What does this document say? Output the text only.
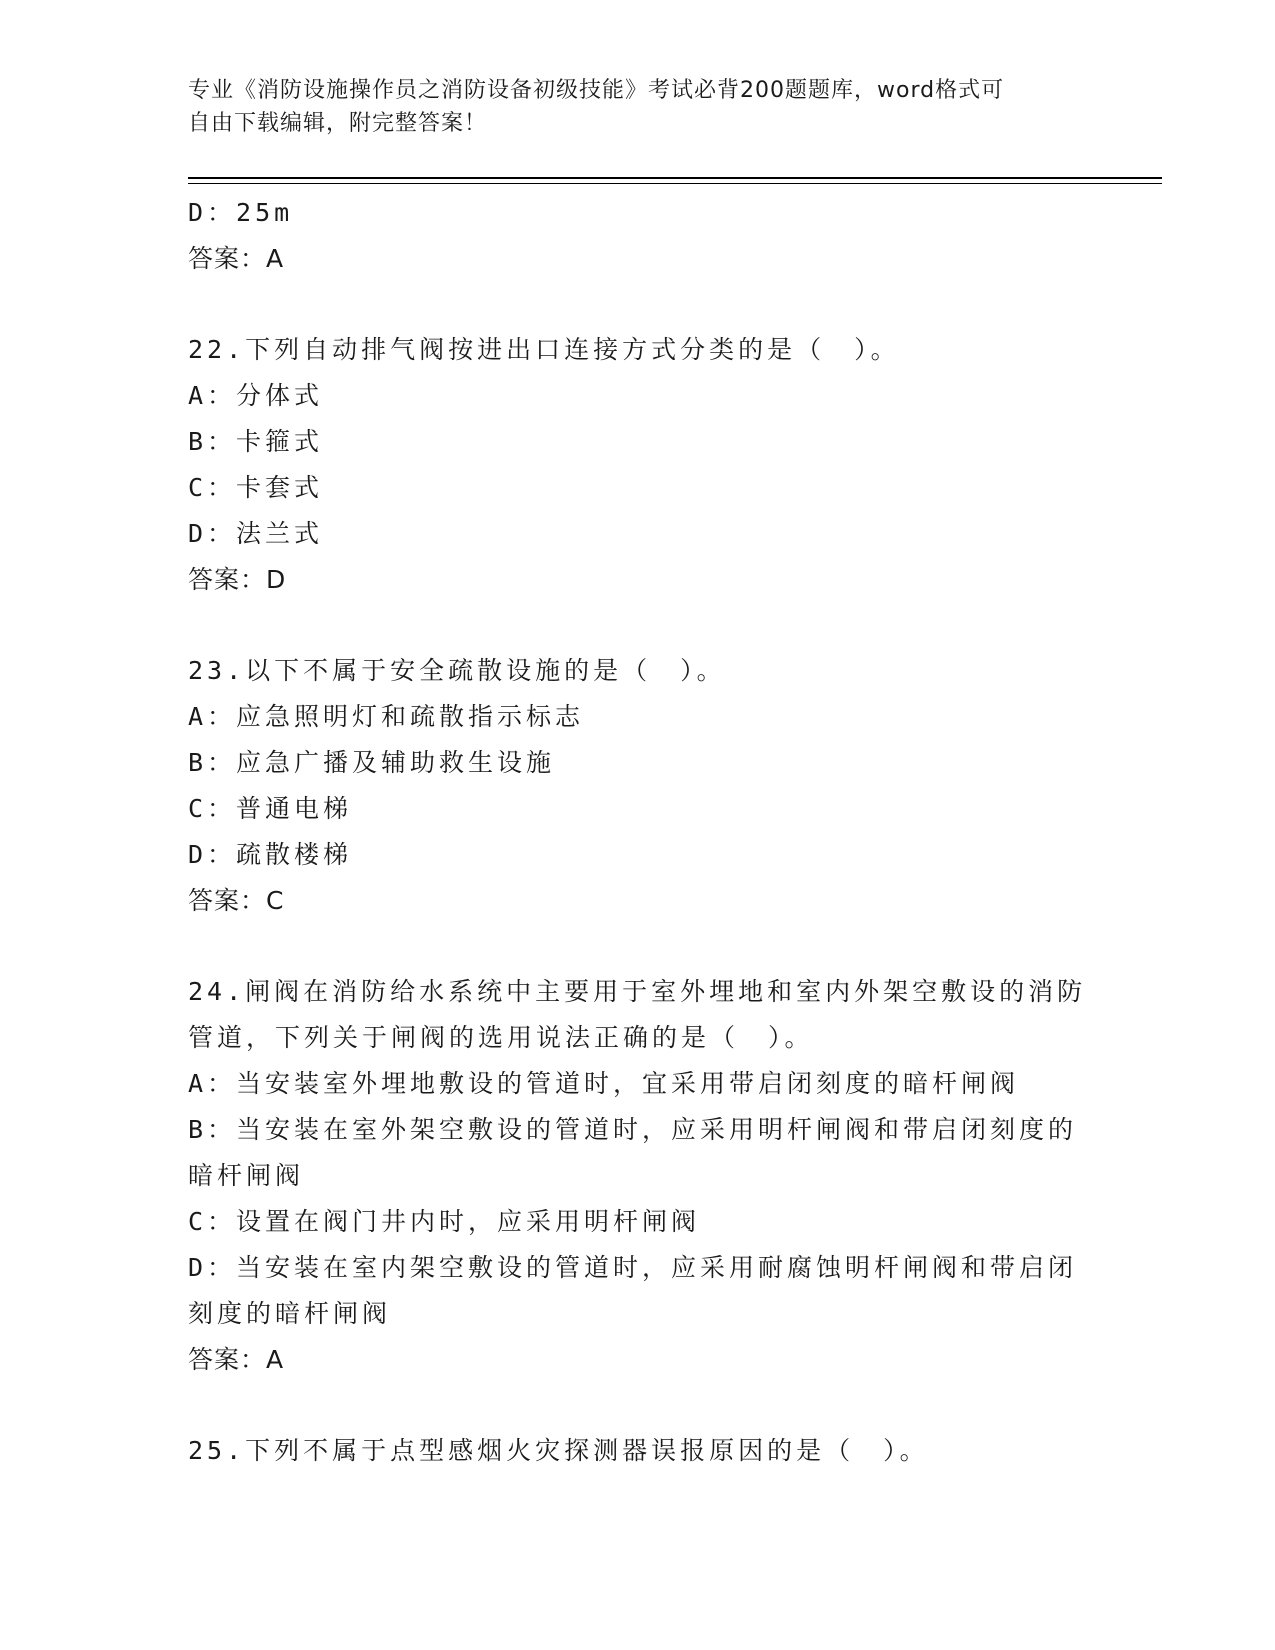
专业《消防设施操作员之消防设备初级技能》考试必背200题题库，word格式可
自由下载编辑，附完整答案！
D：25m
答案：A
22.下列自动排气阀按进出口连接方式分类的是（　）。
A：分体式
B：卡箍式
C：卡套式
D：法兰式
答案：D
23.以下不属于安全疏散设施的是（　）。
A：应急照明灯和疏散指示标志
B：应急广播及辅助救生设施
C：普通电梯
D：疏散楼梯
答案：C
24.闸阀在消防给水系统中主要用于室外埋地和室内外架空敷设的消防
管道，下列关于闸阀的选用说法正确的是（　）。
A：当安装室外埋地敷设的管道时，宜采用带启闭刻度的暗杆闸阀
B：当安装在室外架空敷设的管道时，应采用明杆闸阀和带启闭刻度的
暗杆闸阀
C：设置在阀门井内时，应采用明杆闸阀
D：当安装在室内架空敷设的管道时，应采用耐腐蚀明杆闸阀和带启闭
刻度的暗杆闸阀
答案：A
25.下列不属于点型感烟火灾探测器误报原因的是（　）。
